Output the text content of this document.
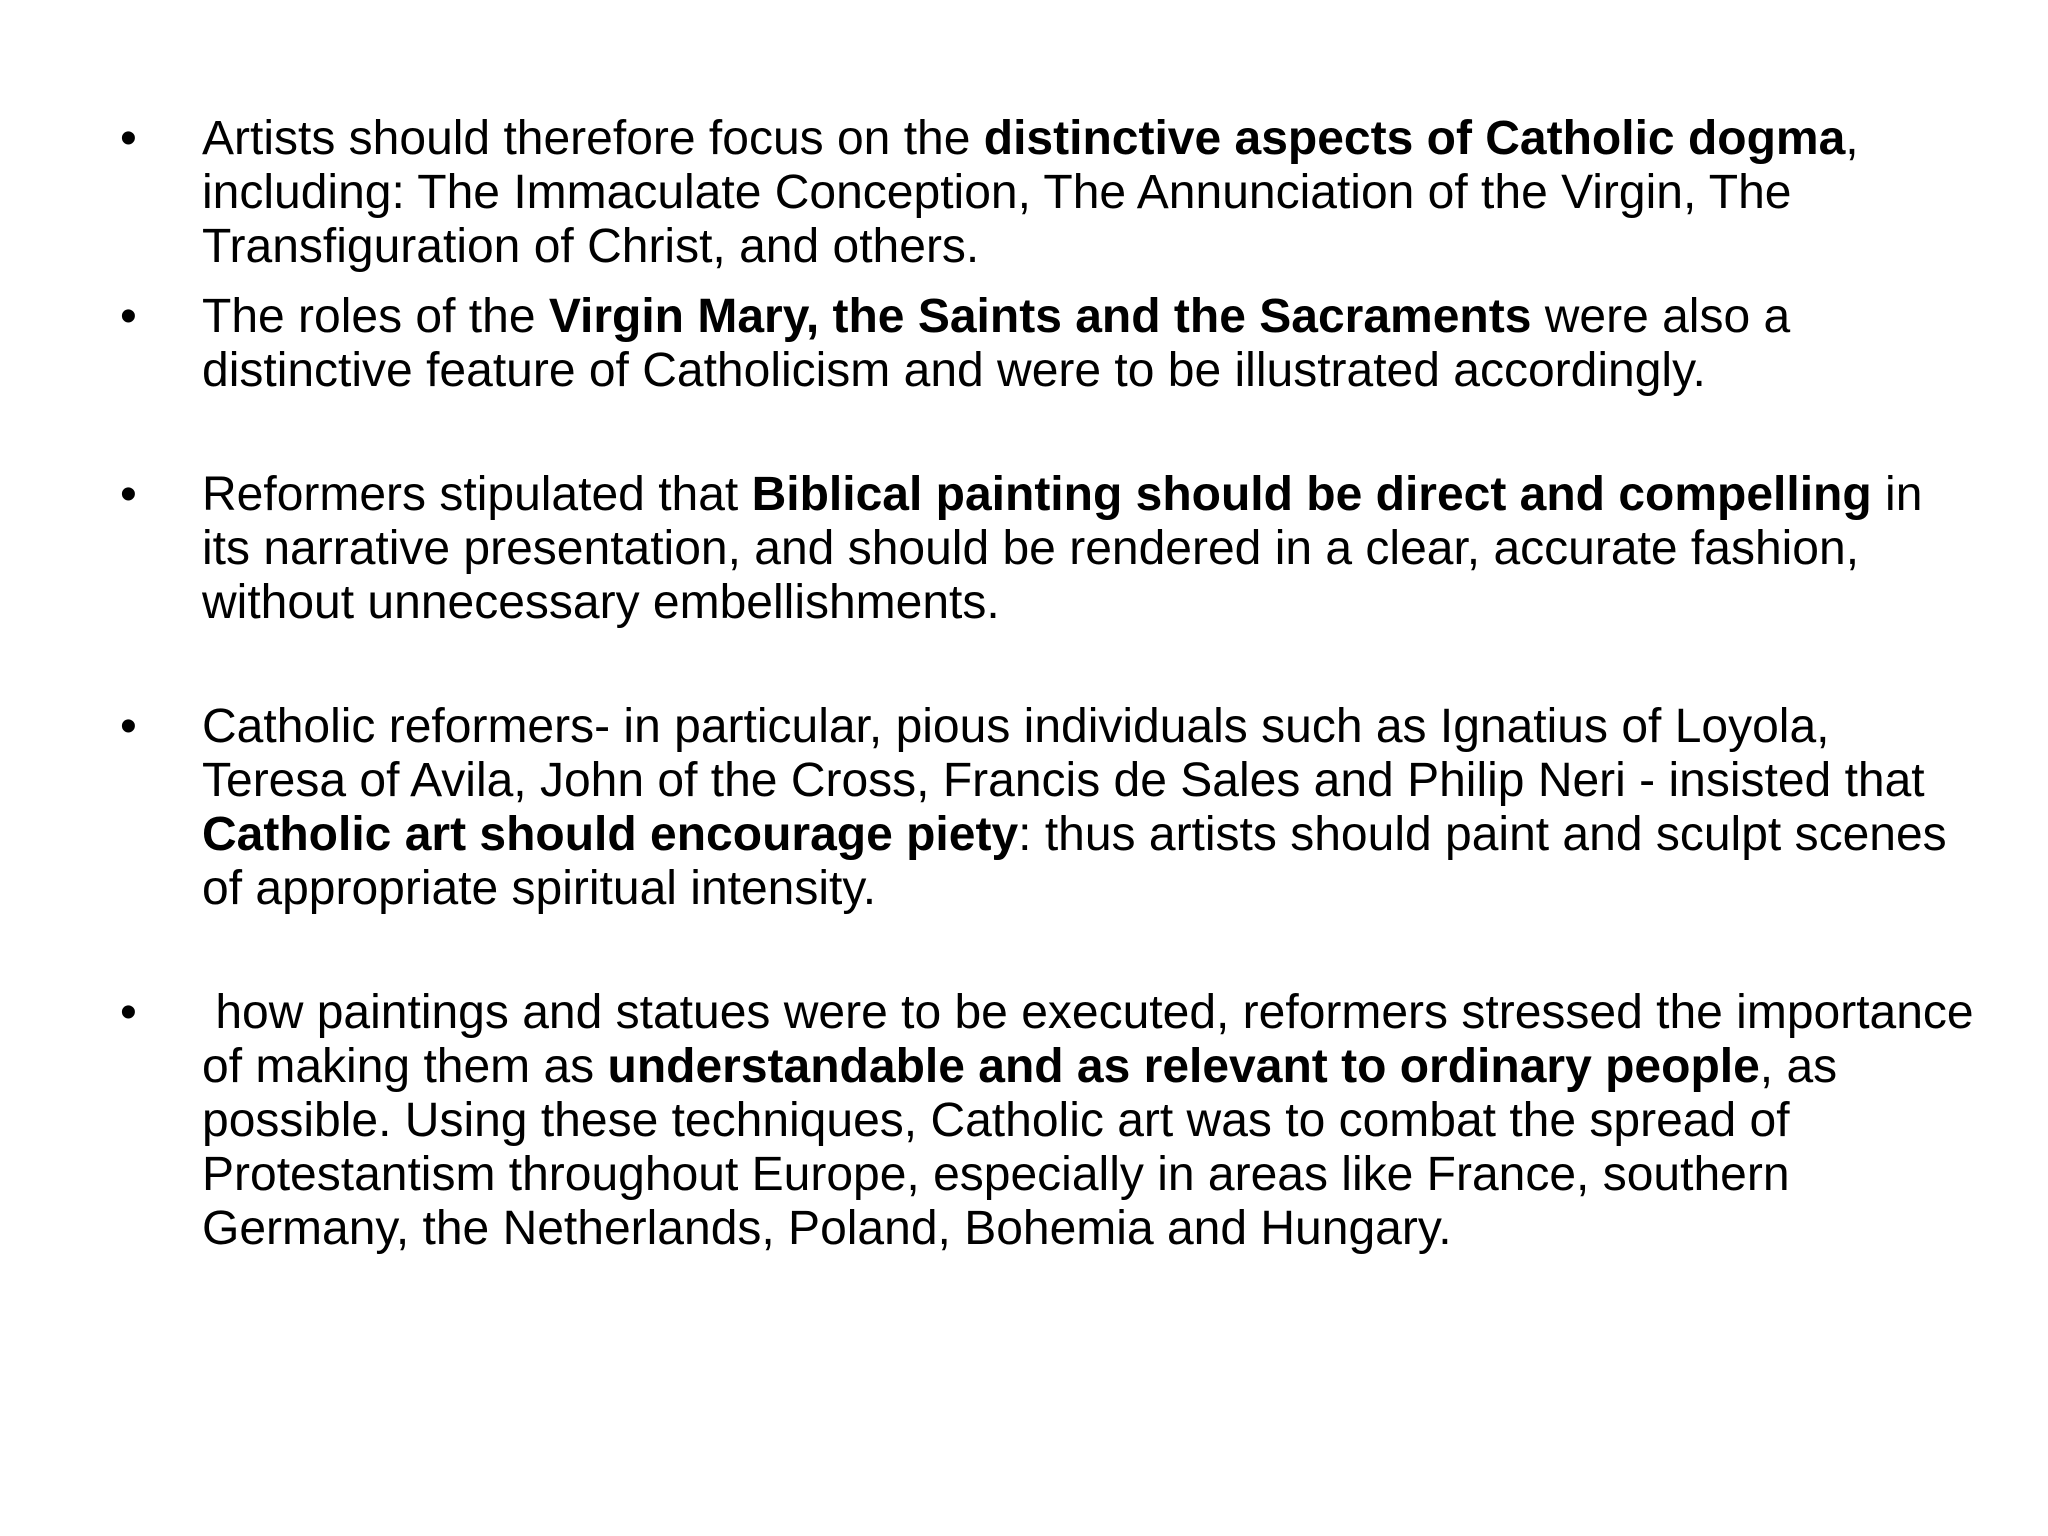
•	Artists should therefore focus on the distinctive aspects of Catholic dogma, including: The Immaculate Conception, The Annunciation of the Virgin, The Transfiguration of Christ, and others.
•	The roles of the Virgin Mary, the Saints and the Sacraments were also a distinctive feature of Catholicism and were to be illustrated accordingly.
•	Reformers stipulated that Biblical painting should be direct and compelling in its narrative presentation, and should be rendered in a clear, accurate fashion, without unnecessary embellishments.
•	Catholic reformers- in particular, pious individuals such as Ignatius of Loyola, Teresa of Avila, John of the Cross, Francis de Sales and Philip Neri - insisted that Catholic art should encourage piety: thus artists should paint and sculpt scenes of appropriate spiritual intensity.
•	how paintings and statues were to be executed, reformers stressed the importance of making them as understandable and as relevant to ordinary people, as possible. Using these techniques, Catholic art was to combat the spread of Protestantism throughout Europe, especially in areas like France, southern Germany, the Netherlands, Poland, Bohemia and Hungary.
